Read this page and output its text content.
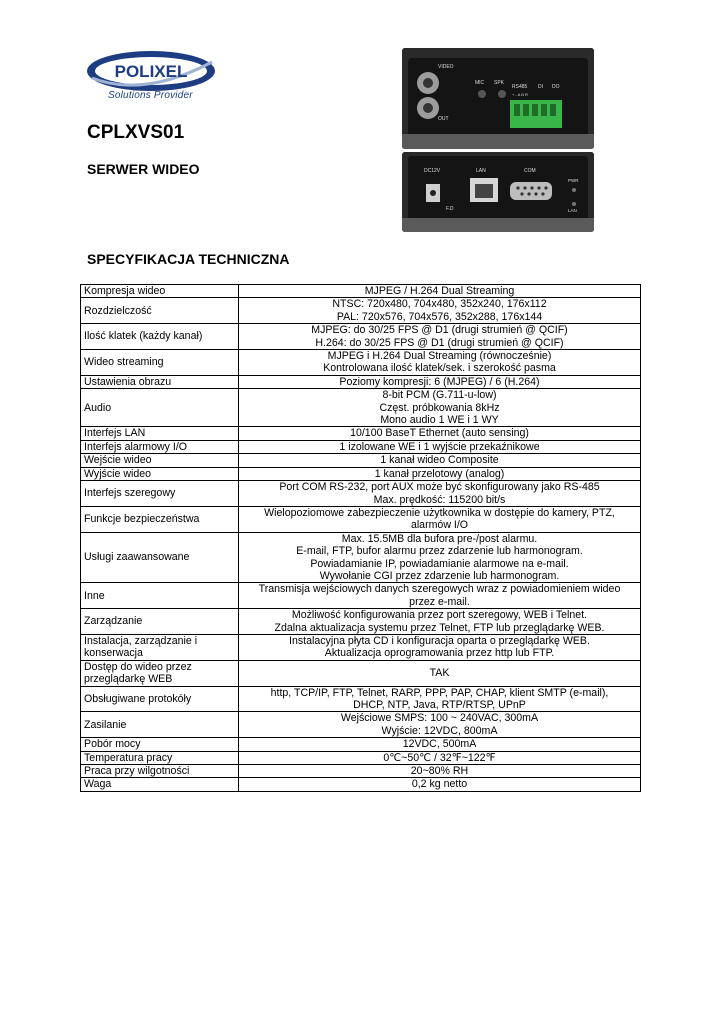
POLIXEL
Solutions Provider
VIDEO
OUT
MIC SPK
RS485
+ - A B R
DI DO
DC12V	LAN	COM
PWR
LAN
F.D
CPLXVS01
SERWER WIDEO
SPECYFIKACJA TECHNICZNA
Kompresja wideo	MJPEG / H.264 Dual Streaming

Rozdzielczość	NTSC: 720x480, 704x480, 352x240, 176x112
PAL: 720x576, 704x576, 352x288, 176x144

Ilość klatek (każdy kanał)	MJPEG: do 30/25 FPS @ D1 (drugi strumień @ QCIF)
H.264: do 30/25 FPS @ D1 (drugi strumień @ QCIF)

Wideo streaming	MJPEG i H.264 Dual Streaming (równocześnie)
Kontrolowana ilość klatek/sek. i szerokość pasma

Ustawienia obrazu	Poziomy kompresji: 6 (MJPEG) / 6 (H.264)

Audio	8-bit PCM (G.711-u-low)
Częst. próbkowania 8kHz
Mono audio 1 WE i 1 WY

Interfejs LAN	10/100 BaseT Ethernet (auto sensing)

Interfejs alarmowy I/O	1 izolowane WE i 1 wyjście przekaźnikowe

Wejście wideo	1 kanał wideo Composite

Wyjście wideo	1 kanał przelotowy (analog)

Interfejs szeregowy	Port COM RS-232, port AUX może być skonfigurowany jako RS-485
Max. prędkość: 115200 bit/s

Funkcje bezpieczeństwa	Wielopoziomowe zabezpieczenie użytkownika w dostępie do kamery, PTZ,
alarmów I/O

Usługi zaawansowane	Max. 15.5MB dla bufora pre-/post alarmu.
E-mail, FTP, bufor alarmu przez zdarzenie lub harmonogram.
Powiadamianie IP, powiadamianie alarmowe na e-mail.
Wywołanie CGI przez zdarzenie lub harmonogram.

Inne	Transmisja wejściowych danych szeregowych wraz z powiadomieniem wideo
przez e-mail.

Zarządzanie	Możliwość konfigurowania przez port szeregowy, WEB i Telnet.
Zdalna aktualizacja systemu przez Telnet, FTP lub przeglądarkę WEB.

Instalacja, zarządzanie i konserwacja	Instalacyjna płyta CD i konfiguracja oparta o przeglądarkę WEB.
Aktualizacja oprogramowania przez http lub FTP.

Dostęp do wideo przez przeglądarkę WEB	TAK

Obsługiwane protokóły	http, TCP/IP, FTP, Telnet, RARP, PPP, PAP, CHAP, klient SMTP (e-mail),
DHCP, NTP, Java, RTP/RTSP, UPnP

Zasilanie	Wejściowe SMPS: 100 ~ 240VAC, 300mA
Wyjście: 12VDC, 800mA

Pobór mocy	12VDC, 500mA

Temperatura pracy	0℃~50℃ / 32℉~122℉

Praca przy wilgotności	20~80% RH

Waga	0,2 kg netto
